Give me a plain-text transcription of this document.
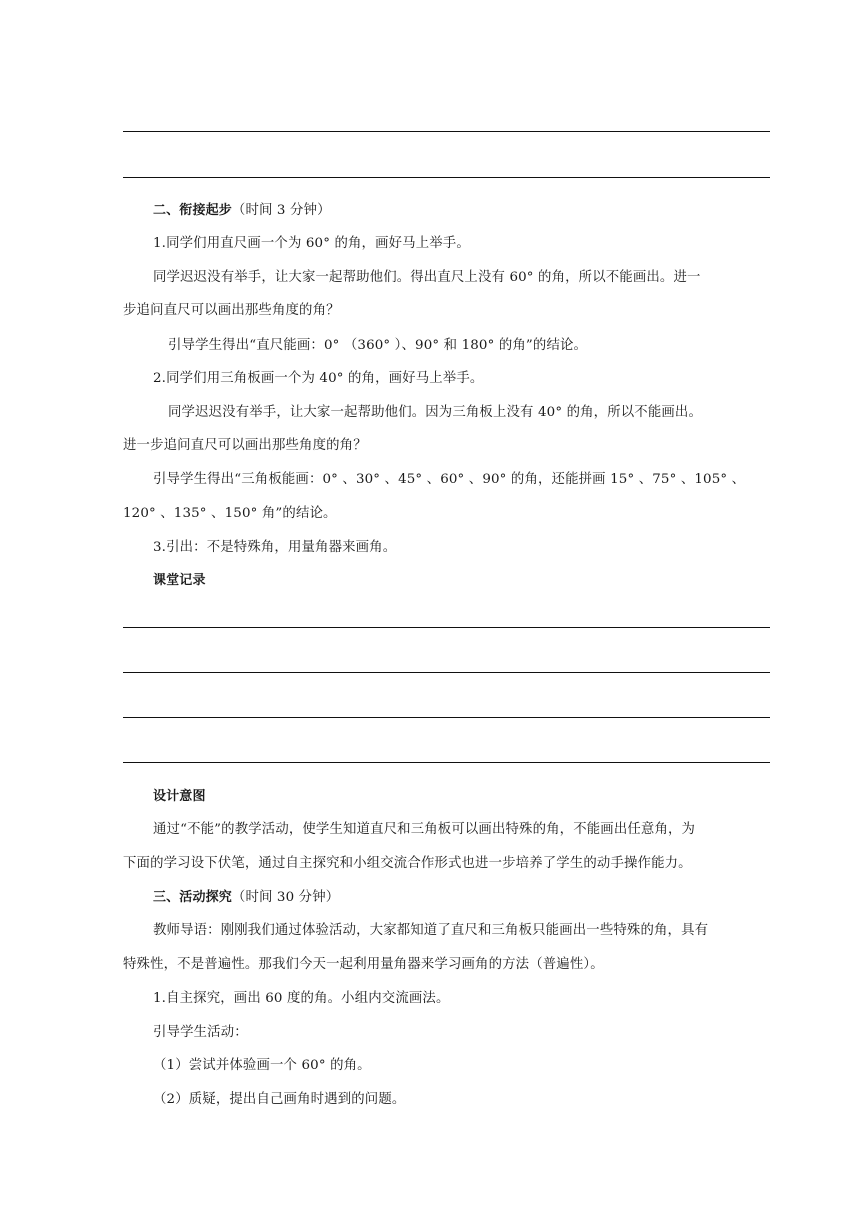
二、衔接起步（时间 3 分钟）
1.同学们用直尺画一个为 60° 的角，画好马上举手。
同学迟迟没有举手，让大家一起帮助他们。得出直尺上没有 60° 的角，所以不能画出。进一
步追问直尺可以画出那些角度的角？
引导学生得出“直尺能画：0° （360° ）、90° 和 180° 的角”的结论。
2.同学们用三角板画一个为 40° 的角，画好马上举手。
同学迟迟没有举手，让大家一起帮助他们。因为三角板上没有 40° 的角，所以不能画出。
进一步追问直尺可以画出那些角度的角？
引导学生得出“三角板能画：0° 、30° 、45° 、60° 、90° 的角，还能拼画 15° 、75° 、105° 、
120° 、135° 、150° 角”的结论。
3.引出：不是特殊角，用量角器来画角。
课堂记录
设计意图
通过“不能”的教学活动，使学生知道直尺和三角板可以画出特殊的角，不能画出任意角，为
下面的学习设下伏笔，通过自主探究和小组交流合作形式也进一步培养了学生的动手操作能力。
三、活动探究（时间 30 分钟）
教师导语：刚刚我们通过体验活动，大家都知道了直尺和三角板只能画出一些特殊的角，具有
特殊性，不是普遍性。那我们今天一起利用量角器来学习画角的方法（普遍性）。
1.自主探究，画出 60 度的角。小组内交流画法。
引导学生活动：
（1）尝试并体验画一个 60° 的角。
（2）质疑，提出自己画角时遇到的问题。
